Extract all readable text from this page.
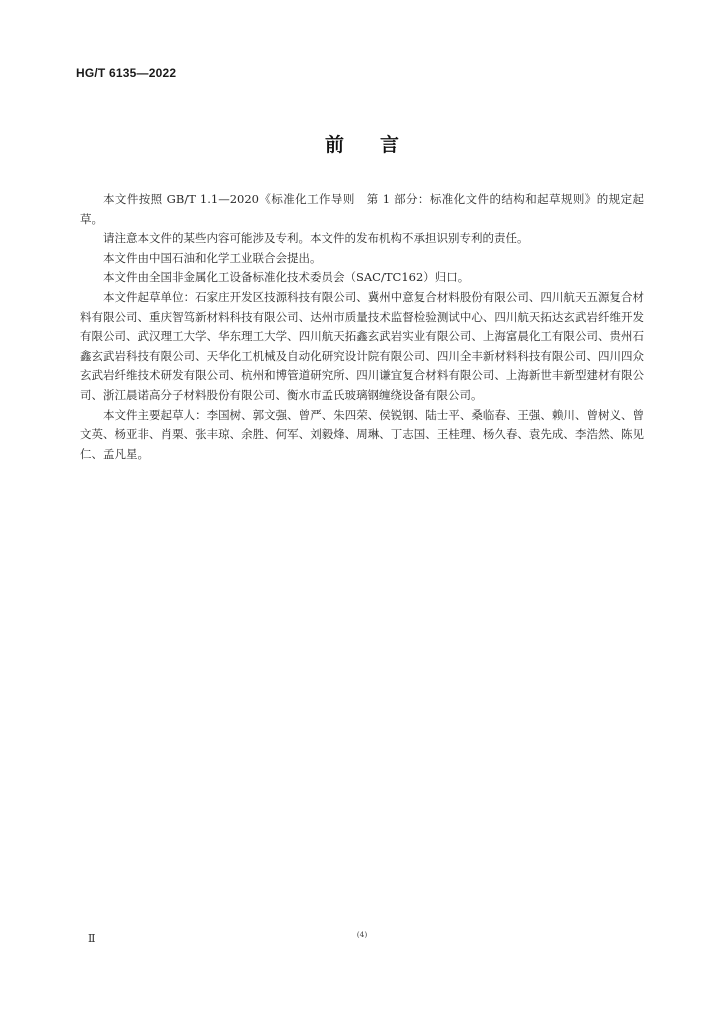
HG/T 6135—2022
前言

本文件按照 GB/T 1.1—2020《标准化工作导则　第 1 部分：标准化文件的结构和起草规则》的规定起草。

请注意本文件的某些内容可能涉及专利。本文件的发布机构不承担识别专利的责任。

本文件由中国石油和化学工业联合会提出。

本文件由全国非金属化工设备标准化技术委员会（SAC/TC162）归口。

本文件起草单位：石家庄开发区技源科技有限公司、冀州中意复合材料股份有限公司、四川航天五源复合材料有限公司、重庆智笃新材料科技有限公司、达州市质量技术监督检验测试中心、四川航天拓达玄武岩纤维开发有限公司、武汉理工大学、华东理工大学、四川航天拓鑫玄武岩实业有限公司、上海富晨化工有限公司、贵州石鑫玄武岩科技有限公司、天华化工机械及自动化研究设计院有限公司、四川全丰新材料科技有限公司、四川四众玄武岩纤维技术研发有限公司、杭州和博管道研究所、四川谦宜复合材料有限公司、上海新世丰新型建材有限公司、浙江晨诺高分子材料股份有限公司、衡水市孟氏玻璃钢缠绕设备有限公司。

本文件主要起草人：李国树、郭文强、曾严、朱四荣、侯锐钢、陆士平、桑临春、王强、赖川、曾树义、曾文英、杨亚非、肖栗、张丰琼、余胜、何军、刘毅烽、周琳、丁志国、王桂理、杨久春、袁先成、李浩然、陈见仁、孟凡星。

Ⅱ	(4)
